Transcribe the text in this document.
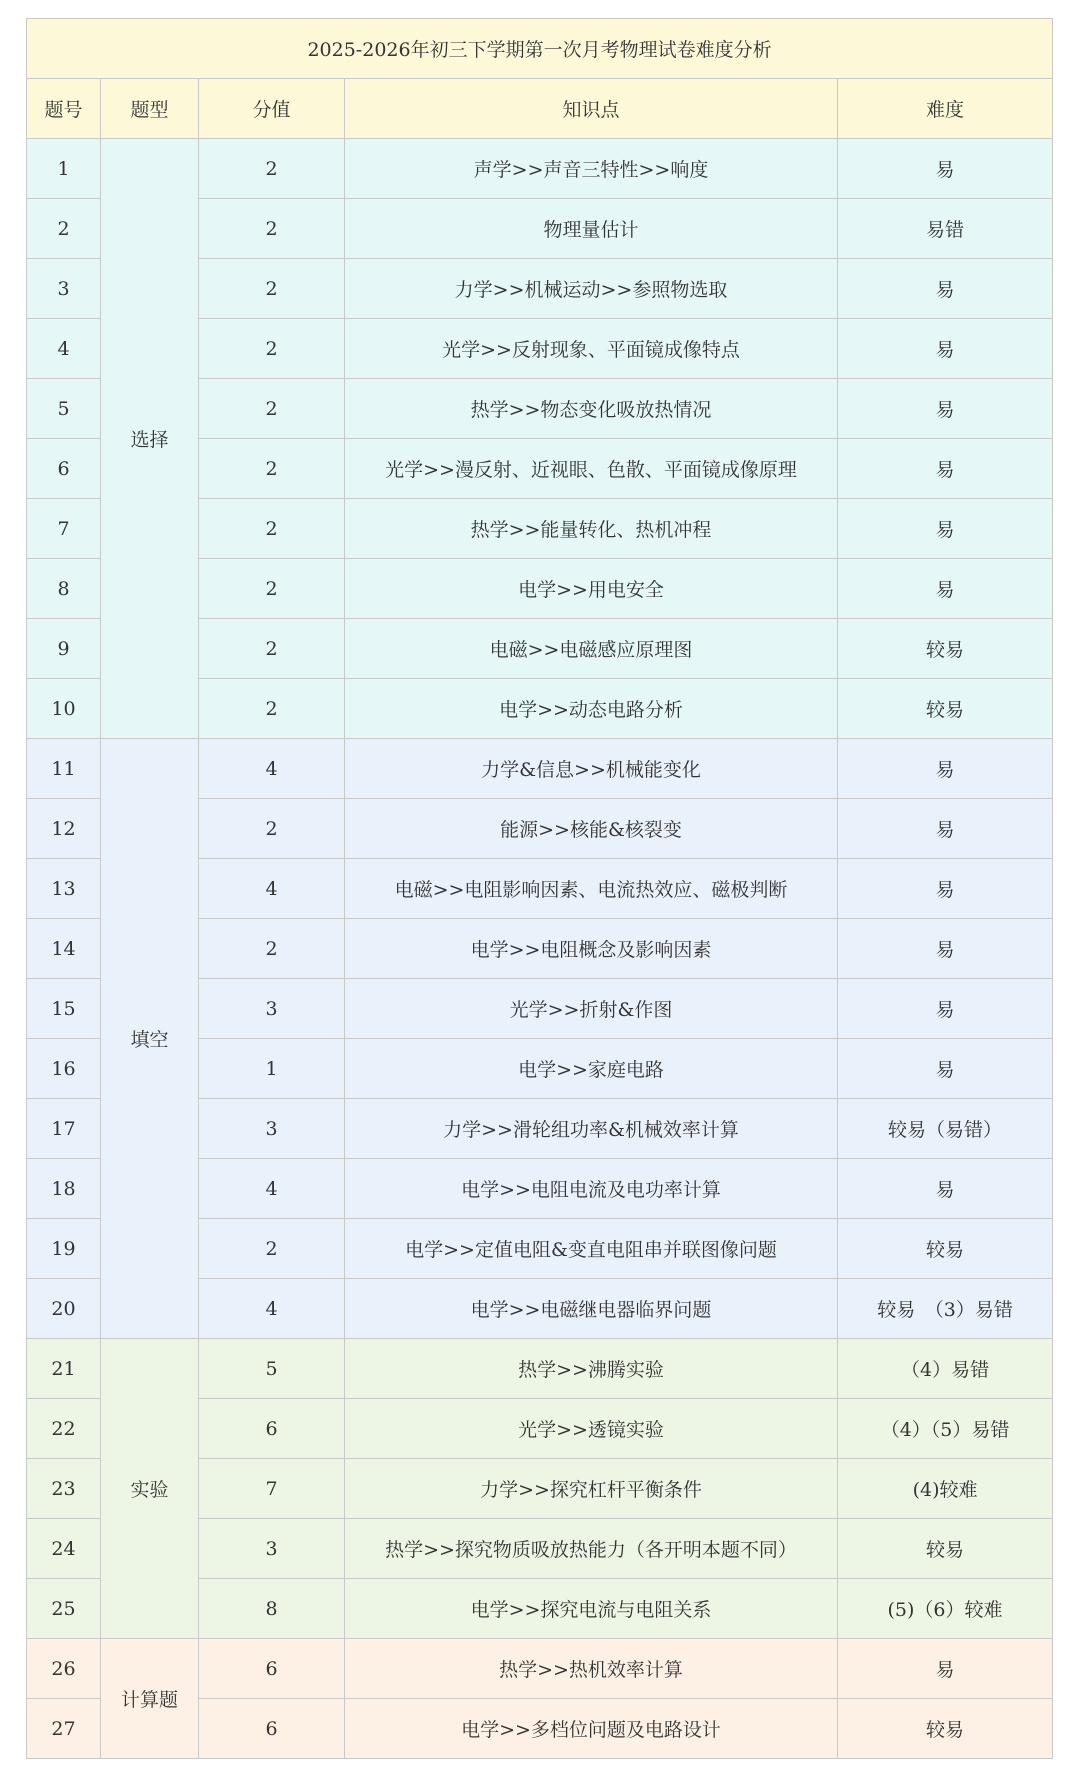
2025-2026年初三下学期第一次月考物理试卷难度分析				
题号	题型	分值	知识点	难度
1	选择	2	声学>>声音三特性>>响度	易
2		2	物理量估计	易错
3		2	力学>>机械运动>>参照物选取	易
4		2	光学>>反射现象、平面镜成像特点	易
5		2	热学>>物态变化吸放热情况	易
6		2	光学>>漫反射、近视眼、色散、平面镜成像原理	易
7		2	热学>>能量转化、热机冲程	易
8		2	电学>>用电安全	易
9		2	电磁>>电磁感应原理图	较易
10		2	电学>>动态电路分析	较易
11	填空	4	力学&信息>>机械能变化	易
12		2	能源>>核能&核裂变	易
13		4	电磁>>电阻影响因素、电流热效应、磁极判断	易
14		2	电学>>电阻概念及影响因素	易
15		3	光学>>折射&作图	易
16		1	电学>>家庭电路	易
17		3	力学>>滑轮组功率&机械效率计算	较易（易错）
18		4	电学>>电阻电流及电功率计算	易
19		2	电学>>定值电阻&变直电阻串并联图像问题	较易
20		4	电学>>电磁继电器临界问题	较易　（3）易错
21	实验	5	热学>>沸腾实验	（4）易错
22		6	光学>>透镜实验	（4）（5）易错
23		7	力学>>探究杠杆平衡条件	(4)较难
24		3	热学>>探究物质吸放热能力（各开明本题不同）	较易
25		8	电学>>探究电流与电阻关系	(5)（6）较难
26	计算题	6	热学>>热机效率计算	易
27		6	电学>>多档位问题及电路设计	较易
